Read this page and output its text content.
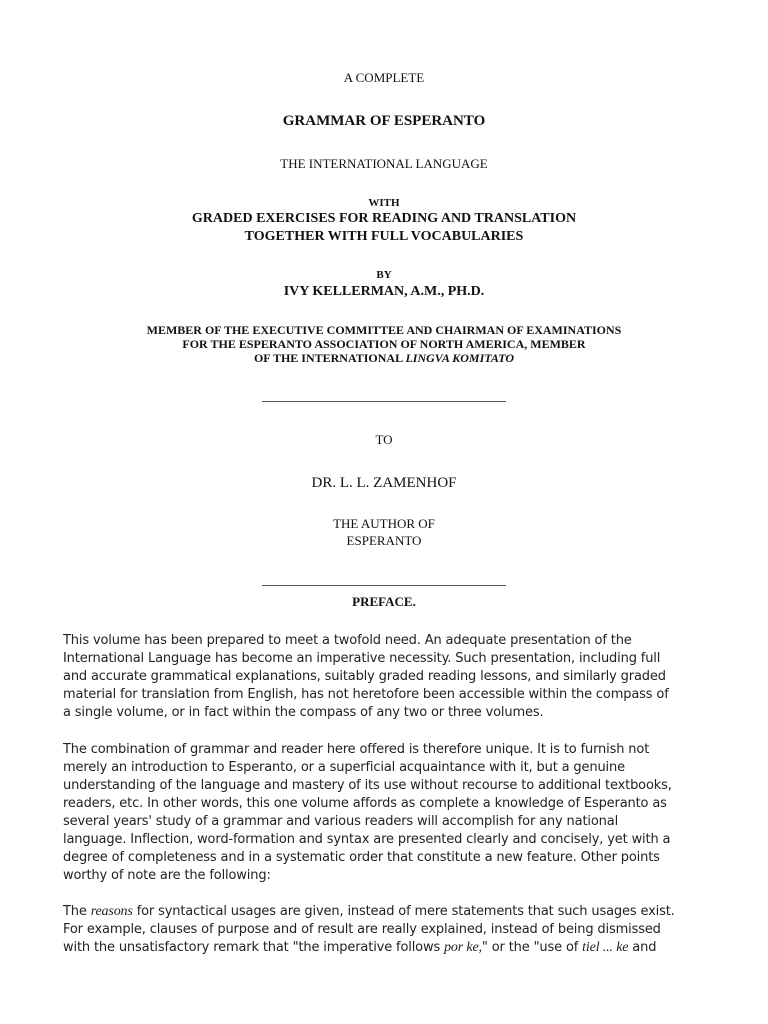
A COMPLETE
GRAMMAR OF ESPERANTO
THE INTERNATIONAL LANGUAGE
WITH
GRADED EXERCISES FOR READING AND TRANSLATION
TOGETHER WITH FULL VOCABULARIES
BY
IVY KELLERMAN, A.M., PH.D.
MEMBER OF THE EXECUTIVE COMMITTEE AND CHAIRMAN OF EXAMINATIONS
FOR THE ESPERANTO ASSOCIATION OF NORTH AMERICA, MEMBER
OF THE INTERNATIONAL LINGVA KOMITATO
TO
DR. L. L. ZAMENHOF
THE AUTHOR OF
ESPERANTO
PREFACE.
This volume has been prepared to meet a twofold need. An adequate presentation of the
International Language has become an imperative necessity. Such presentation, including full
and accurate grammatical explanations, suitably graded reading lessons, and similarly graded
material for translation from English, has not heretofore been accessible within the compass of
a single volume, or in fact within the compass of any two or three volumes.
The combination of grammar and reader here offered is therefore unique. It is to furnish not
merely an introduction to Esperanto, or a superficial acquaintance with it, but a genuine
understanding of the language and mastery of its use without recourse to additional textbooks,
readers, etc. In other words, this one volume affords as complete a knowledge of Esperanto as
several years' study of a grammar and various readers will accomplish for any national
language. Inflection, word-formation and syntax are presented clearly and concisely, yet with a
degree of completeness and in a systematic order that constitute a new feature. Other points
worthy of note are the following:
The reasons for syntactical usages are given, instead of mere statements that such usages exist.
For example, clauses of purpose and of result are really explained, instead of being dismissed
with the unsatisfactory remark that "the imperative follows por ke," or the "use of tiel ... ke and
